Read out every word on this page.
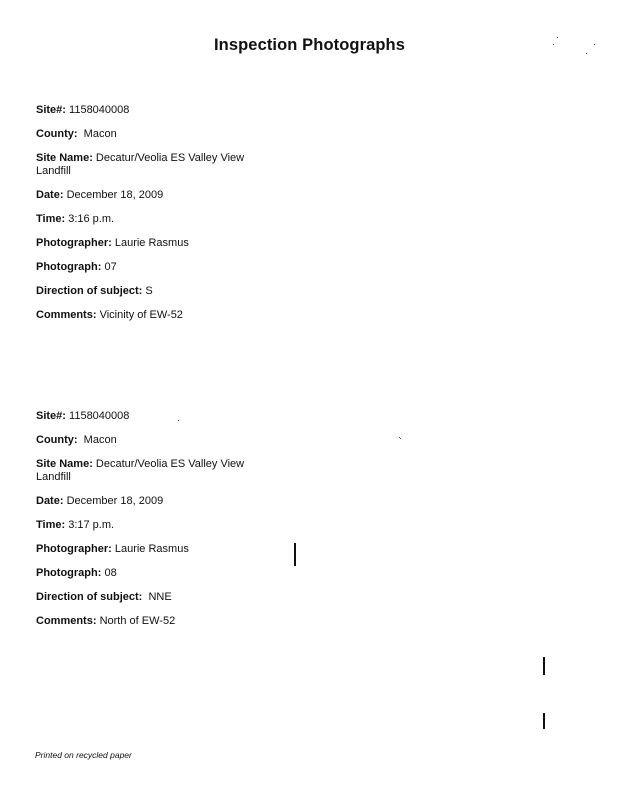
Inspection Photographs
Site#: 1158040008
County: Macon
Site Name: Decatur/Veolia ES Valley View Landfill
Date: December 18, 2009
Time: 3:16 p.m.
Photographer: Laurie Rasmus
Photograph: 07
Direction of subject: S
Comments: Vicinity of EW-52
Site#: 1158040008
County: Macon
Site Name: Decatur/Veolia ES Valley View Landfill
Date: December 18, 2009
Time: 3:17 p.m.
Photographer: Laurie Rasmus
Photograph: 08
Direction of subject: NNE
Comments: North of EW-52
Printed on recycled paper
